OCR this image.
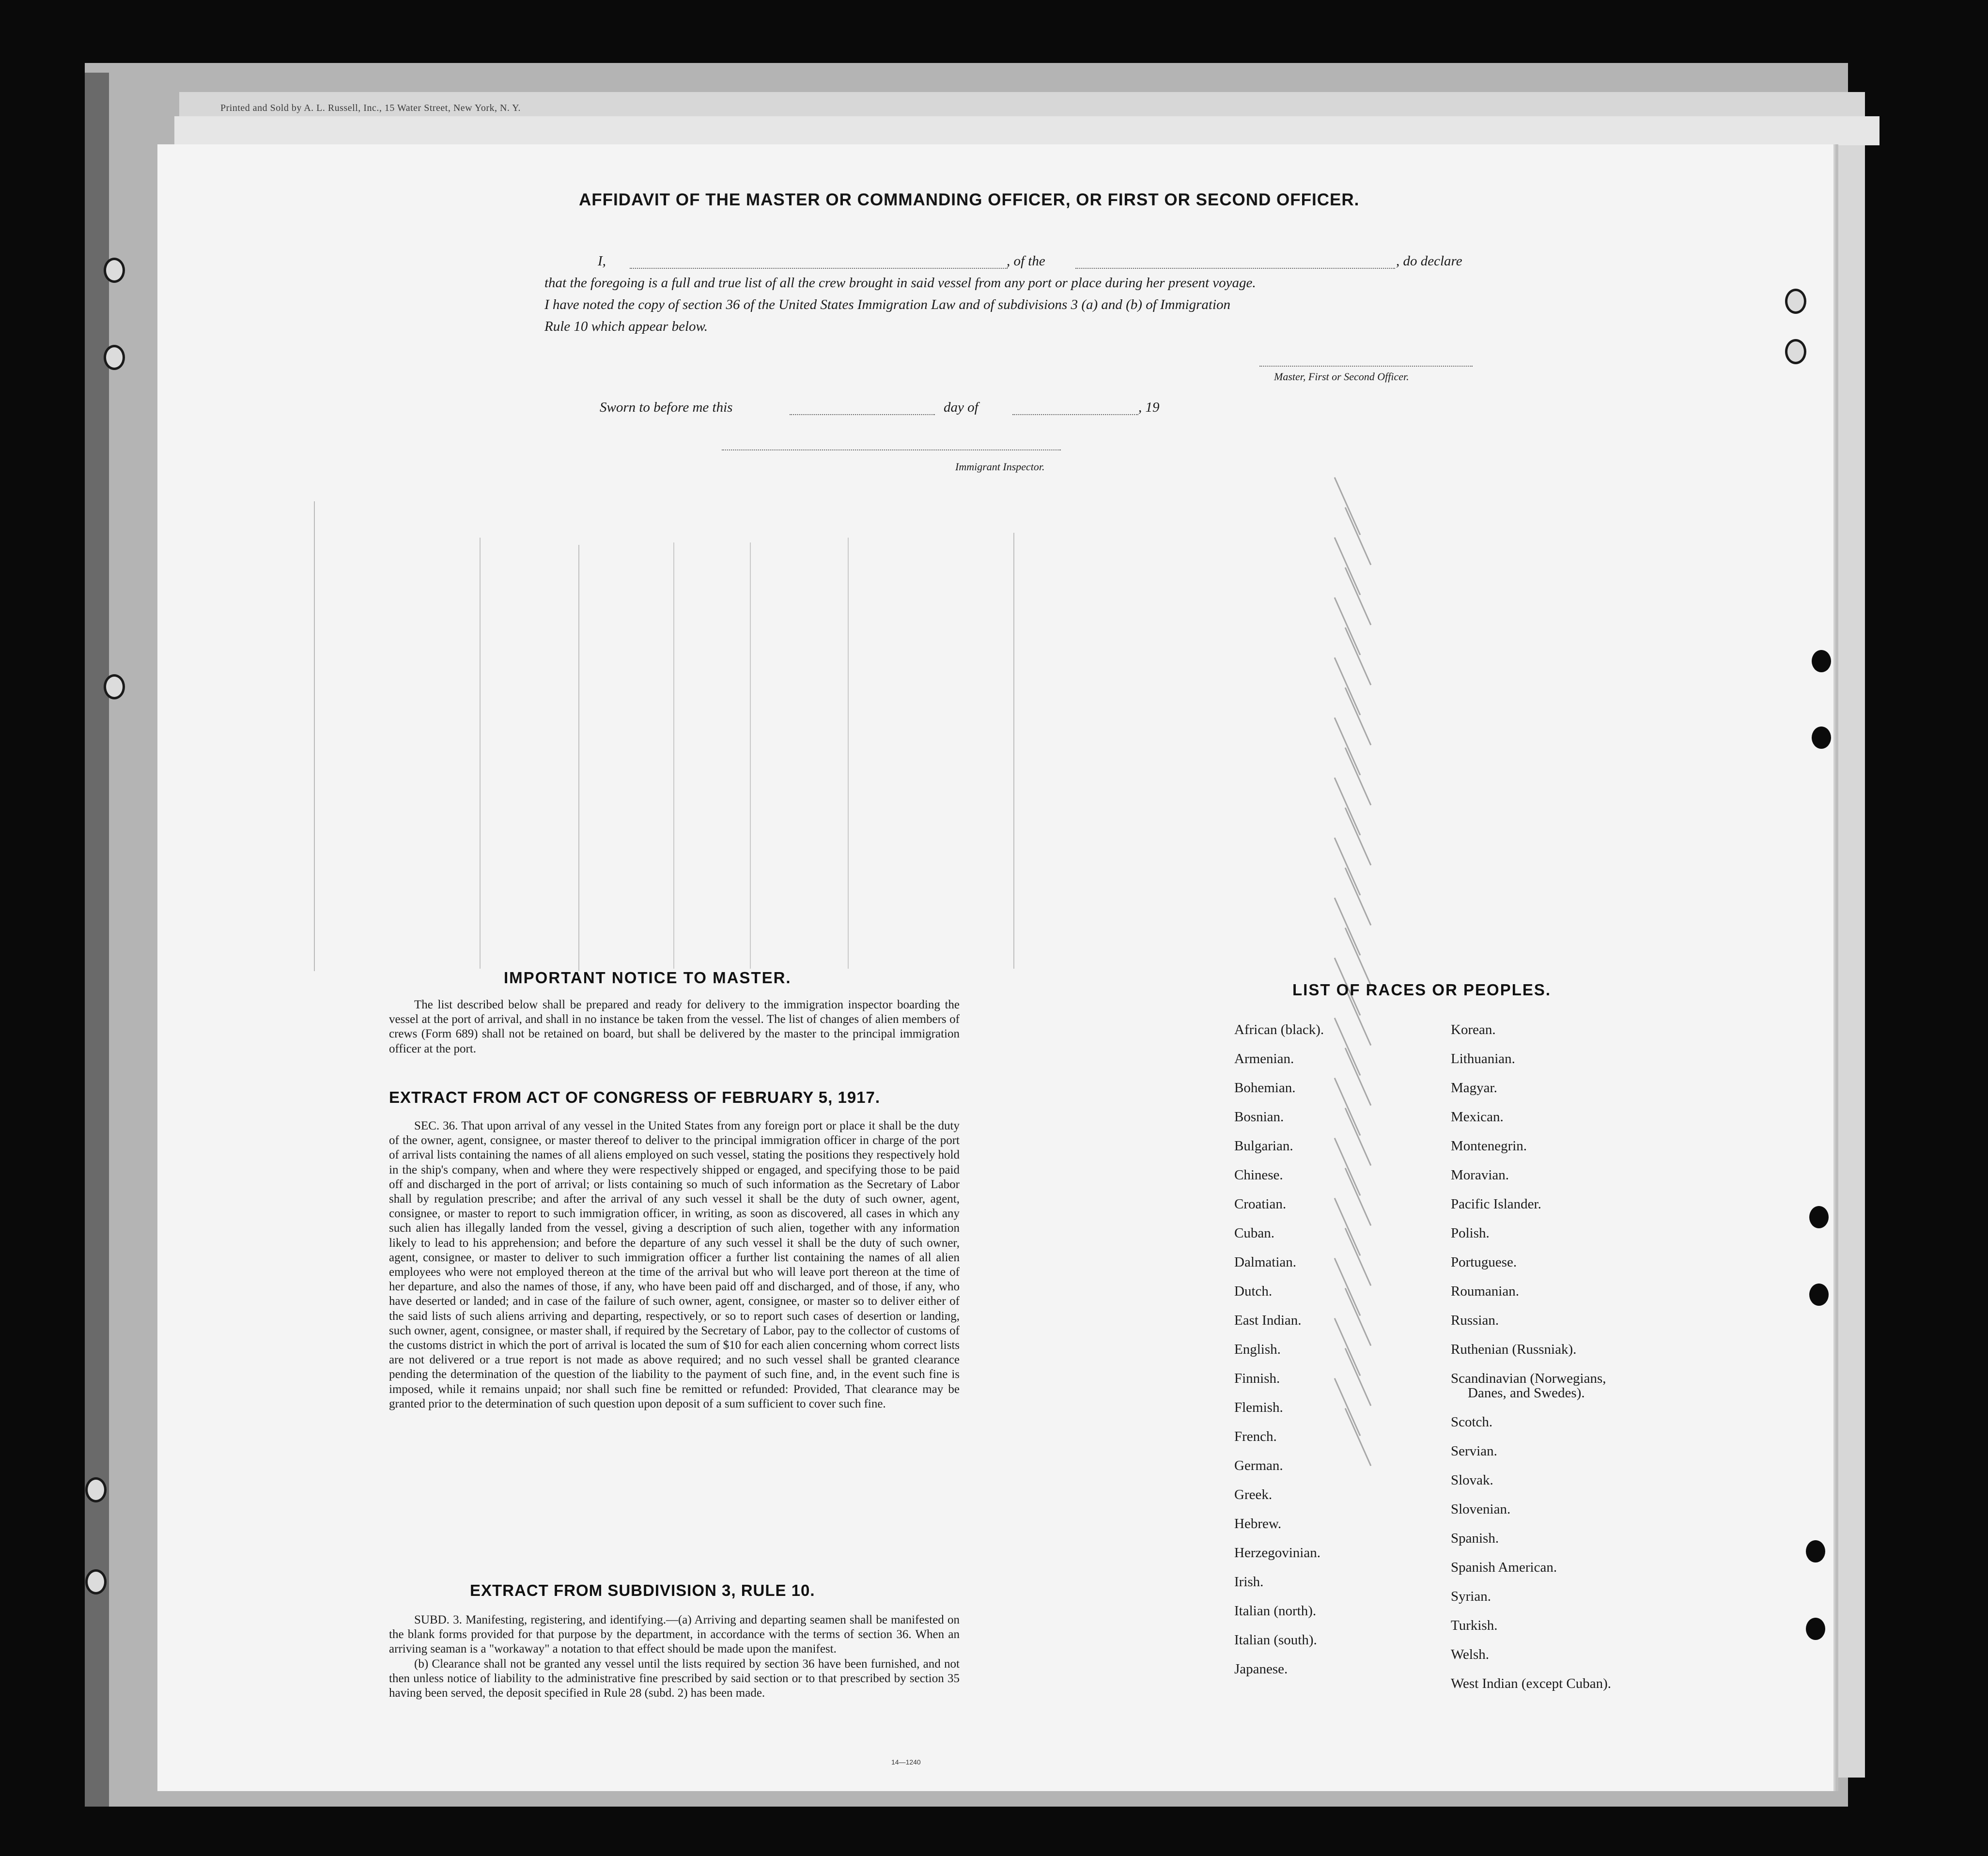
Printed and Sold by A. L. Russell, Inc., 15 Water Street, New York, N. Y.
AFFIDAVIT OF THE MASTER OR COMMANDING OFFICER, OR FIRST OR SECOND OFFICER.
I,	, of the	, do declare
that the foregoing is a full and true list of all the crew brought in said vessel from any port or place during her present voyage.
I have noted the copy of section 36 of the United States Immigration Law and of subdivisions 3 (a) and (b) of Immigration
Rule 10 which appear below.
Master, First or Second Officer.
Sworn to before me this	day of	, 19
Immigrant Inspector.
IMPORTANT NOTICE TO MASTER.

The list described below shall be prepared and ready for delivery to the immigration inspector boarding the vessel at the port of arrival, and shall in no instance be taken from the vessel. The list of changes of alien members of crews (Form 689) shall not be retained on board, but shall be delivered by the master to the principal immigration officer at the port.

EXTRACT FROM ACT OF CONGRESS OF FEBRUARY 5, 1917.

SEC. 36. That upon arrival of any vessel in the United States from any foreign port or place it shall be the duty of the owner, agent, consignee, or master thereof to deliver to the principal immigration officer in charge of the port of arrival lists containing the names of all aliens employed on such vessel, stating the positions they respectively hold in the ship's company, when and where they were respectively shipped or engaged, and specifying those to be paid off and discharged in the port of arrival; or lists containing so much of such information as the Secretary of Labor shall by regulation prescribe; and after the arrival of any such vessel it shall be the duty of such owner, agent, consignee, or master to report to such immigration officer, in writing, as soon as discovered, all cases in which any such alien has illegally landed from the vessel, giving a description of such alien, together with any information likely to lead to his apprehension; and before the departure of any such vessel it shall be the duty of such owner, agent, consignee, or master to deliver to such immigration officer a further list containing the names of all alien employees who were not employed thereon at the time of the arrival but who will leave port thereon at the time of her departure, and also the names of those, if any, who have been paid off and discharged, and of those, if any, who have deserted or landed; and in case of the failure of such owner, agent, consignee, or master so to deliver either of the said lists of such aliens arriving and departing, respectively, or so to report such cases of desertion or landing, such owner, agent, consignee, or master shall, if required by the Secretary of Labor, pay to the collector of customs of the customs district in which the port of arrival is located the sum of $10 for each alien concerning whom correct lists are not delivered or a true report is not made as above required; and no such vessel shall be granted clearance pending the determination of the question of the liability to the payment of such fine, and, in the event such fine is imposed, while it remains unpaid; nor shall such fine be remitted or refunded: Provided, That clearance may be granted prior to the determination of such question upon deposit of a sum sufficient to cover such fine.

EXTRACT FROM SUBDIVISION 3, RULE 10.

SUBD. 3. Manifesting, registering, and identifying.—(a) Arriving and departing seamen shall be manifested on the blank forms provided for that purpose by the department, in accordance with the terms of section 36. When an arriving seaman is a "workaway" a notation to that effect should be made upon the manifest.

(b) Clearance shall not be granted any vessel until the lists required by section 36 have been furnished, and not then unless notice of liability to the administrative fine prescribed by said section or to that prescribed by section 35 having been served, the deposit specified in Rule 28 (subd. 2) has been made.

14—1240
LIST OF RACES OR PEOPLES.
African (black).
Armenian.
Bohemian.
Bosnian.
Bulgarian.
Chinese.
Croatian.
Cuban.
Dalmatian.
Dutch.
East Indian.
English.
Finnish.
Flemish.
French.
German.
Greek.
Hebrew.
Herzegovinian.
Irish.
Italian (north).
Italian (south).
Japanese.
Korean.
Lithuanian.
Magyar.
Mexican.
Montenegrin.
Moravian.
Pacific Islander.
Polish.
Portuguese.
Roumanian.
Russian.
Ruthenian (Russniak).
Scandinavian (Norwegians,
Danes, and Swedes).
Scotch.
Servian.
Slovak.
Slovenian.
Spanish.
Spanish American.
Syrian.
Turkish.
Welsh.
West Indian (except Cuban).
